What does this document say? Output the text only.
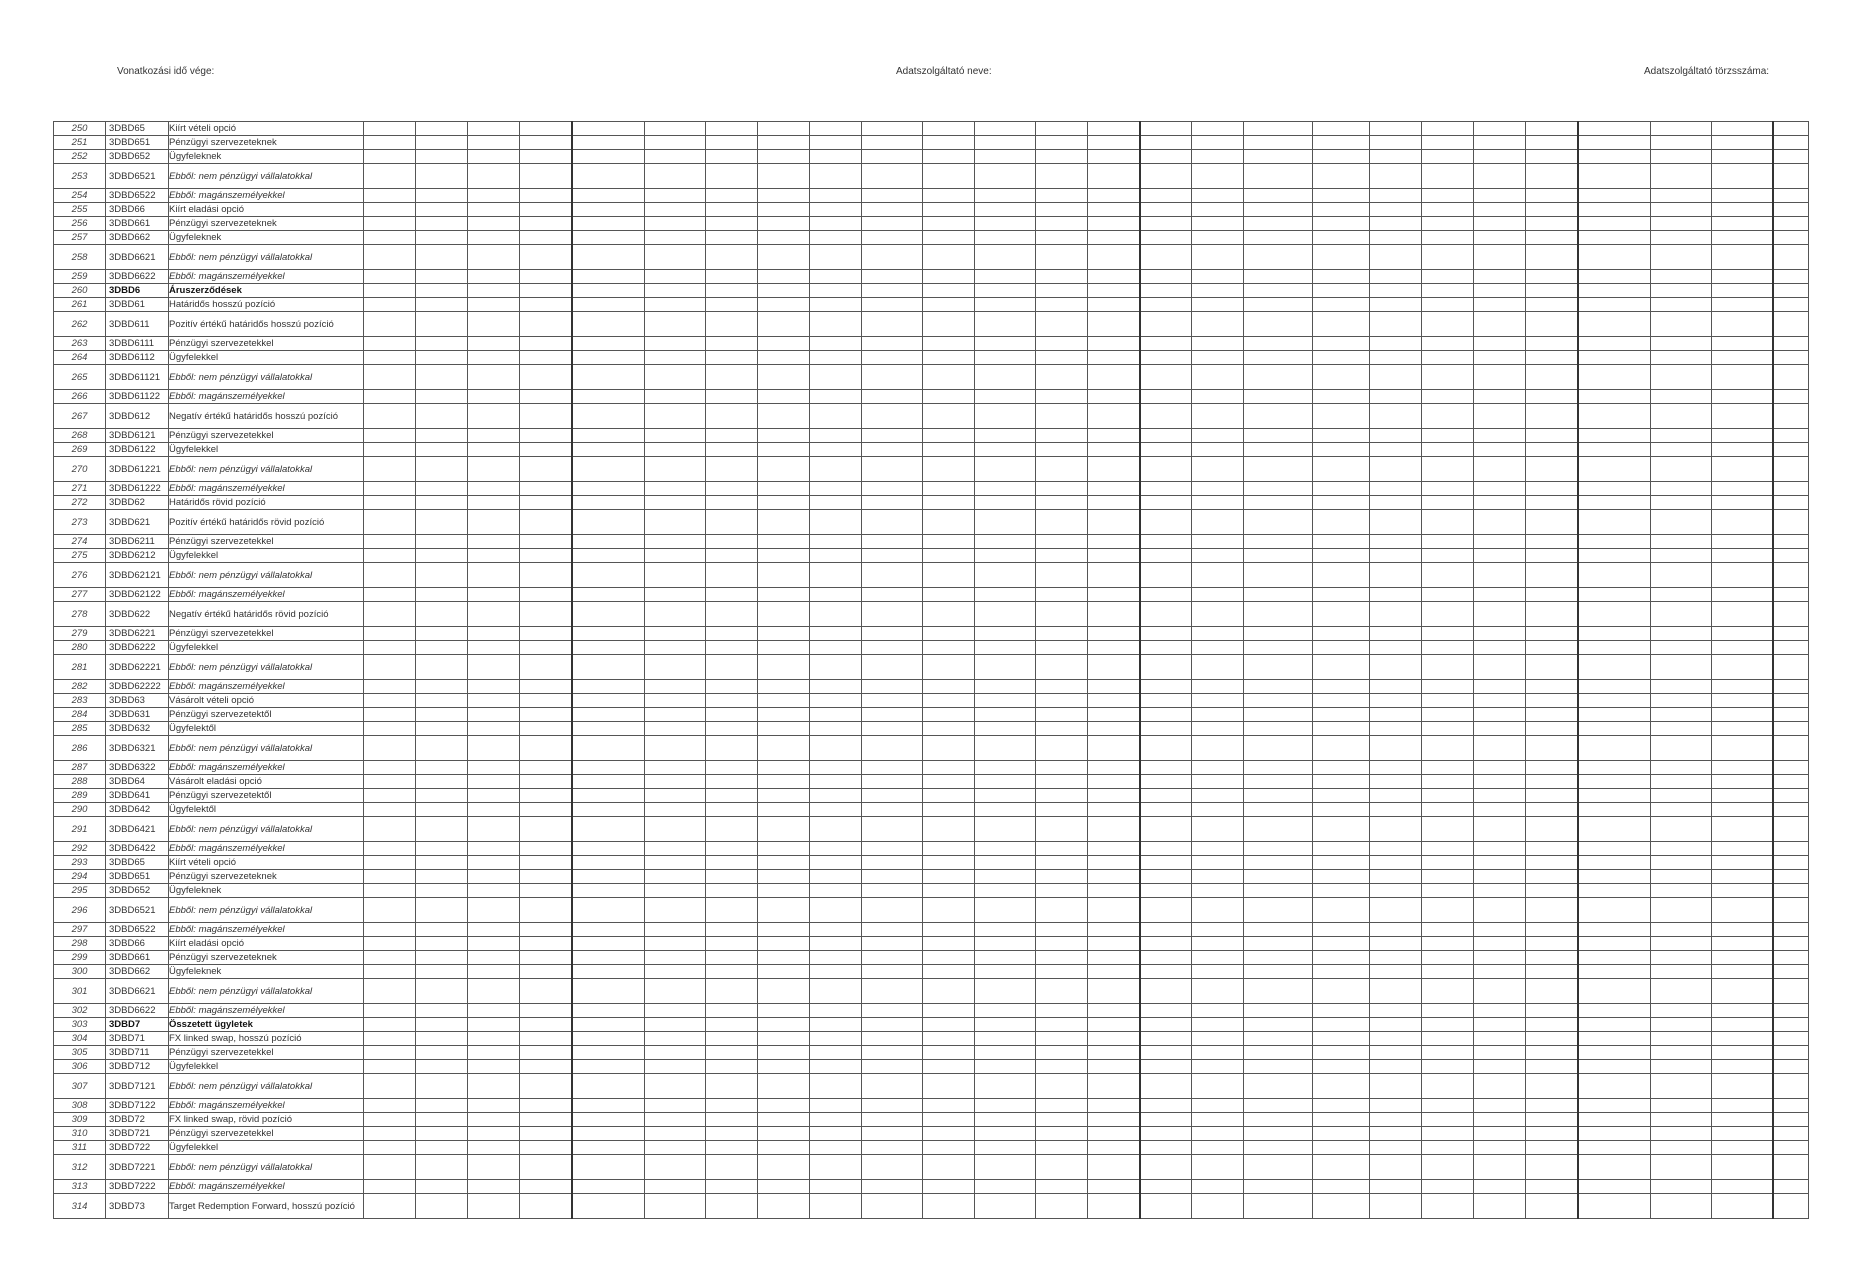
Vonatkozási idő vége:	Adatszolgáltató neve:	Adatszolgáltató törzsszáma:
250	3DBD65	Kiírt vételi opció																										
251	3DBD651	Pénzügyi szervezeteknek																										
252	3DBD652	Ügyfeleknek																										
253	3DBD6521	Ebből: nem pénzügyi vállalatokkal																										
254	3DBD6522	Ebből: magánszemélyekkel																										
255	3DBD66	Kiírt eladási opció																										
256	3DBD661	Pénzügyi szervezeteknek																										
257	3DBD662	Ügyfeleknek																										
258	3DBD6621	Ebből: nem pénzügyi vállalatokkal																										
259	3DBD6622	Ebből: magánszemélyekkel																										
260	3DBD6	Áruszerződések																										
261	3DBD61	Határidős hosszú pozíció																										
262	3DBD611	Pozitív értékű határidős hosszú pozíció																										
263	3DBD6111	Pénzügyi szervezetekkel																										
264	3DBD6112	Ügyfelekkel																										
265	3DBD61121	Ebből: nem pénzügyi vállalatokkal																										
266	3DBD61122	Ebből: magánszemélyekkel																										
267	3DBD612	Negatív értékű határidős hosszú pozíció																										
268	3DBD6121	Pénzügyi szervezetekkel																										
269	3DBD6122	Ügyfelekkel																										
270	3DBD61221	Ebből: nem pénzügyi vállalatokkal																										
271	3DBD61222	Ebből: magánszemélyekkel																										
272	3DBD62	Határidős rövid pozíció																										
273	3DBD621	Pozitív értékű határidős rövid pozíció																										
274	3DBD6211	Pénzügyi szervezetekkel																										
275	3DBD6212	Ügyfelekkel																										
276	3DBD62121	Ebből: nem pénzügyi vállalatokkal																										
277	3DBD62122	Ebből: magánszemélyekkel																										
278	3DBD622	Negatív értékű határidős rövid pozíció																										
279	3DBD6221	Pénzügyi szervezetekkel																										
280	3DBD6222	Ügyfelekkel																										
281	3DBD62221	Ebből: nem pénzügyi vállalatokkal																										
282	3DBD62222	Ebből: magánszemélyekkel																										
283	3DBD63	Vásárolt vételi opció																										
284	3DBD631	Pénzügyi szervezetektől																										
285	3DBD632	Ügyfelektől																										
286	3DBD6321	Ebből: nem pénzügyi vállalatokkal																										
287	3DBD6322	Ebből: magánszemélyekkel																										
288	3DBD64	Vásárolt eladási opció																										
289	3DBD641	Pénzügyi szervezetektől																										
290	3DBD642	Ügyfelektől																										
291	3DBD6421	Ebből: nem pénzügyi vállalatokkal																										
292	3DBD6422	Ebből: magánszemélyekkel																										
293	3DBD65	Kiírt vételi opció																										
294	3DBD651	Pénzügyi szervezeteknek																										
295	3DBD652	Ügyfeleknek																										
296	3DBD6521	Ebből: nem pénzügyi vállalatokkal																										
297	3DBD6522	Ebből: magánszemélyekkel																										
298	3DBD66	Kiírt eladási opció																										
299	3DBD661	Pénzügyi szervezeteknek																										
300	3DBD662	Ügyfeleknek																										
301	3DBD6621	Ebből: nem pénzügyi vállalatokkal																										
302	3DBD6622	Ebből: magánszemélyekkel																										
303	3DBD7	Összetett ügyletek																										
304	3DBD71	FX linked swap, hosszú pozíció																										
305	3DBD711	Pénzügyi szervezetekkel																										
306	3DBD712	Ügyfelekkel																										
307	3DBD7121	Ebből: nem pénzügyi vállalatokkal																										
308	3DBD7122	Ebből: magánszemélyekkel																										
309	3DBD72	FX linked swap, rövid pozíció																										
310	3DBD721	Pénzügyi szervezetekkel																										
311	3DBD722	Ügyfelekkel																										
312	3DBD7221	Ebből: nem pénzügyi vállalatokkal																										
313	3DBD7222	Ebből: magánszemélyekkel																										
314	3DBD73	Target Redemption Forward, hosszú pozíció																										
